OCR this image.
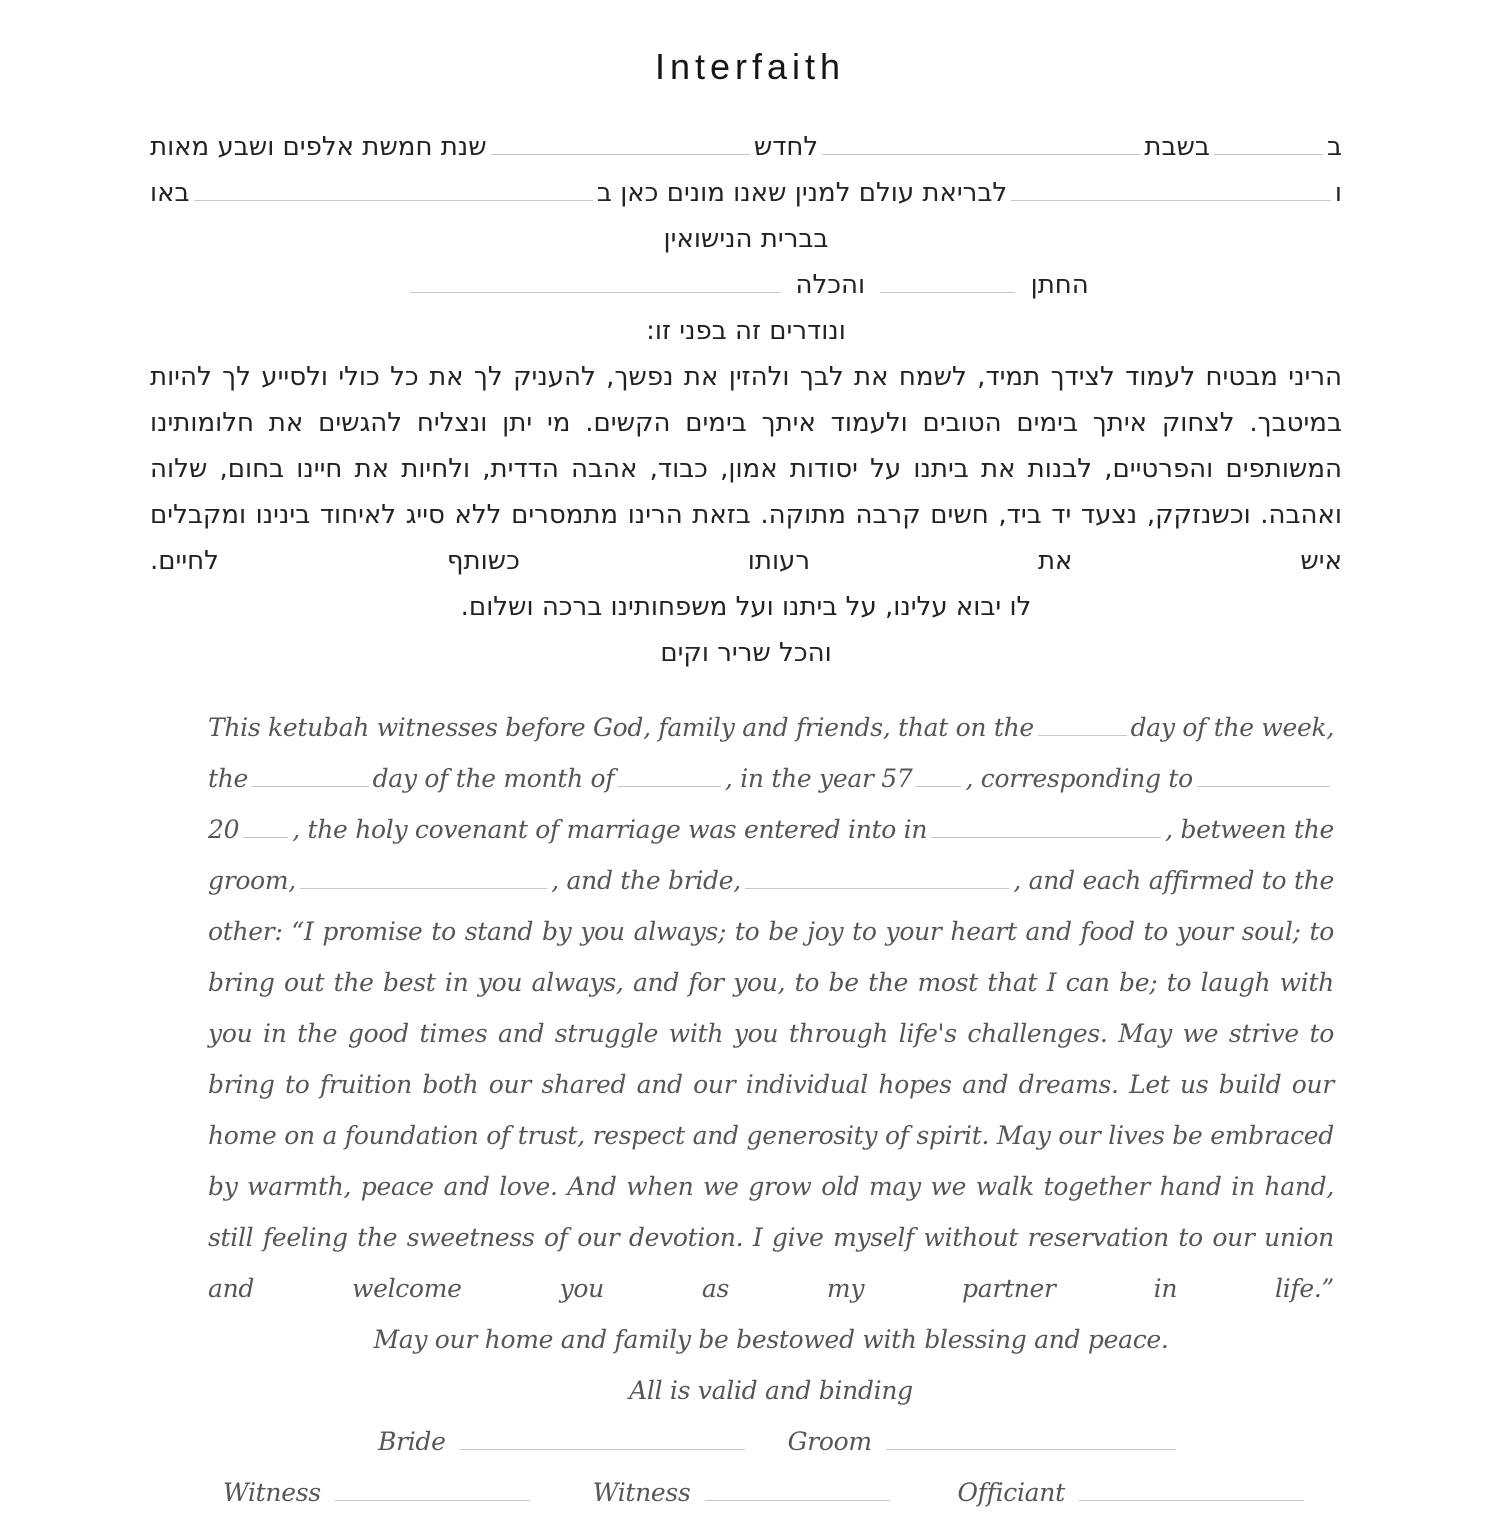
Interfaith
ב
בשבת
לחדש
שנת חמשת אלפים ושבע מאות
ו
לבריאת עולם למנין שאנו מונים כאן ב
באו
בברית הנישואין
החתן  והכלה
ונודרים זה בפני זו:
הריני מבטיח לעמוד לצידך תמיד, לשמח את לבך ולהזין את נפשך, להעניק לך את כל כולי ולסייע לך להיות במיטבך. לצחוק איתך בימים הטובים ולעמוד איתך בימים הקשים. מי יתן ונצליח להגשים את חלומותינו המשותפים והפרטיים, לבנות את ביתנו על יסודות אמון, כבוד, אהבה הדדית, ולחיות את חיינו בחום, שלוה ואהבה. וכשנזקק, נצעד יד ביד, חשים קרבה מתוקה. בזאת הרינו מתמסרים ללא סייג לאיחוד בינינו ומקבלים איש את רעותו כשותף לחיים.
לו יבוא עלינו, על ביתנו ועל משפחותינו ברכה ושלום.
והכל שריר וקים
This ketubah witnesses before God, family and friends, that on the	day of the week,
the	day of the month of	, in the year 57 , corresponding to
20 , the holy covenant of marriage was entered into in	, between the
groom,	, and the bride,	, and each affirmed to the
other: “I promise to stand by you always; to be joy to your heart and food to your soul; to bring out the best in you always, and for you, to be the most that I can be; to laugh with you in the good times and struggle with you through life's challenges. May we strive to bring to fruition both our shared and our individual hopes and dreams. Let us build our home on a foundation of trust, respect and generosity of spirit. May our lives be embraced by warmth, peace and love. And when we grow old may we walk together hand in hand, still feeling the sweetness of our devotion. I give myself without reservation to our union and welcome you as my partner in life.”
May our home and family be bestowed with blessing and peace.
All is valid and binding
Bride	Groom
Witness	Witness	Officiant
